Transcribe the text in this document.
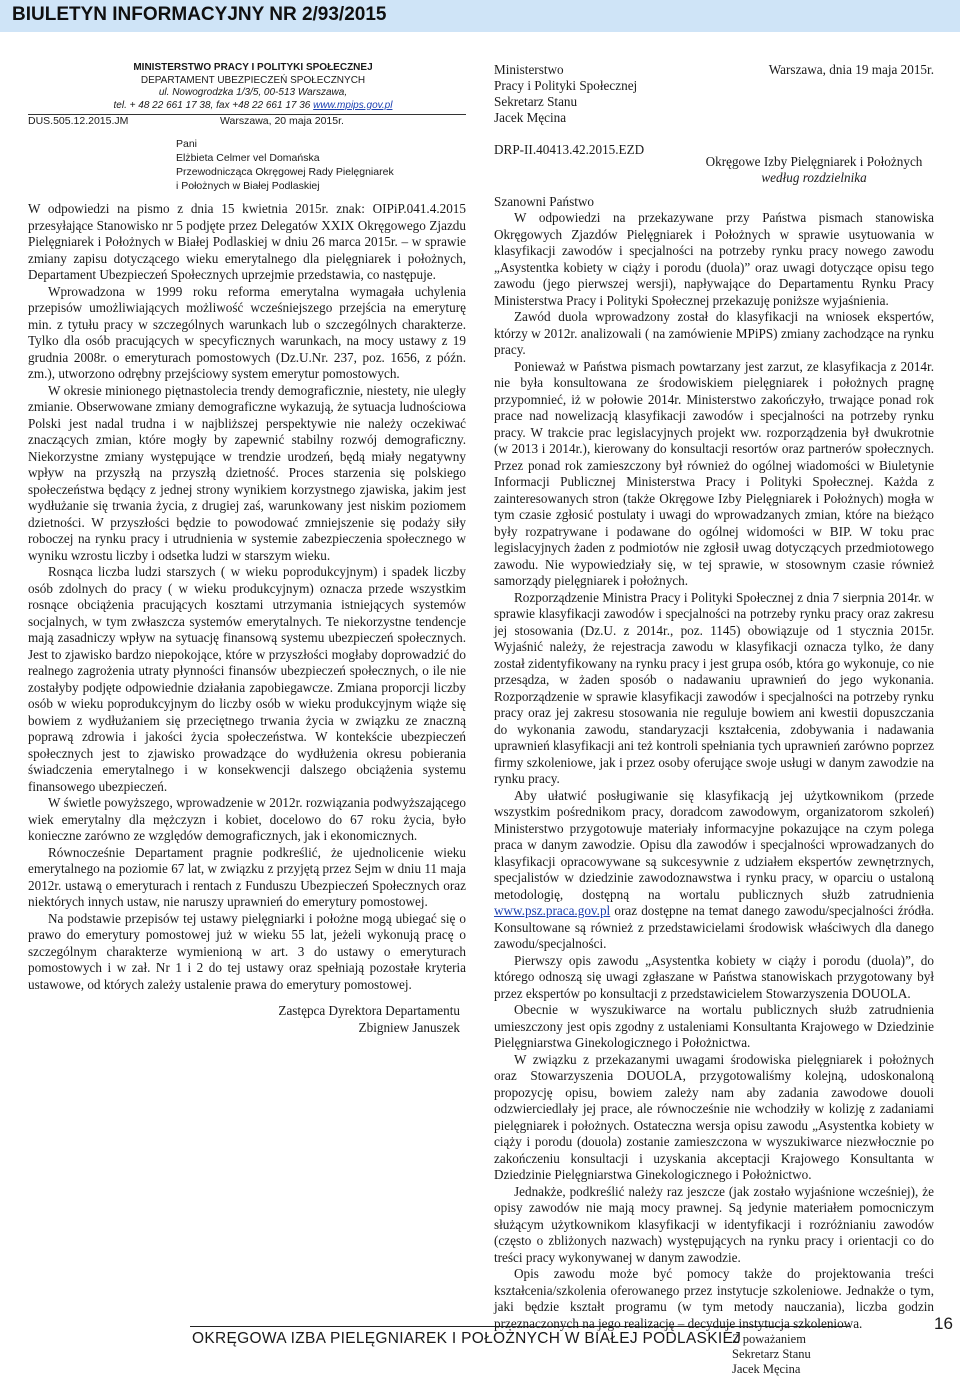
BIULETYN INFORMACYJNY NR 2/93/2015
MINISTERSTWO PRACY I POLITYKI SPOŁECZNEJ
DEPARTAMENT UBEZPIECZEŃ SPOŁECZNYCH
ul. Nowogrodzka 1/3/5, 00-513 Warszawa,
tel. + 48 22 661 17 38, fax +48 22 661 17 36 www.mpips.gov.pl
DUS.505.12.2015.JM	Warszawa, 20 maja 2015r.
Pani
Elżbieta Celmer vel Domańska
Przewodnicząca Okręgowej Rady Pielęgniarek
i Położnych w Białej Podlaskiej

W odpowiedzi na pismo z dnia 15 kwietnia 2015r. znak: OIPiP.041.4.2015 przesyłające Stanowisko nr 5 podjęte przez Delegatów XXIX Okręgowego Zjazdu Pielęgniarek i Położnych w Białej Podlaskiej w dniu 26 marca 2015r. – w sprawie zmiany zapisu dotyczącego wieku emerytalnego dla pielęgniarek i położnych, Departament Ubezpieczeń Społecznych uprzejmie przedstawia, co następuje.

Wprowadzona w 1999 roku reforma emerytalna wymagała uchylenia przepisów umożliwiających możliwość wcześniejszego przejścia na emeryturę min. z tytułu pracy w szczególnych warunkach lub o szczególnych charakterze. Tylko dla osób pracujących w specyficznych warunkach, na mocy ustawy z 19 grudnia 2008r. o emeryturach pomostowych (Dz.U.Nr. 237, poz. 1656, z późn. zm.), utworzono odrębny przejściowy system emerytur pomostowych.

W okresie minionego piętnastolecia trendy demograficznie, niestety, nie uległy zmianie. Obserwowane zmiany demograficzne wykazują, że sytuacja ludnościowa Polski jest nadal trudna i w najbliższej perspektywie nie należy oczekiwać znaczących zmian, które mogły by zapewnić stabilny rozwój demograficzny. Niekorzystne zmiany występujące w trendzie urodzeń, będą miały negatywny wpływ na przyszłą na przyszłą dzietność. Proces starzenia się polskiego społeczeństwa będący z jednej strony wynikiem korzystnego zjawiska, jakim jest wydłużanie się trwania życia, z drugiej zaś, warunkowany jest niskim poziomem dzietności. W przyszłości będzie to powodować zmniejszenie się podaży siły roboczej na rynku pracy i utrudnienia w systemie zabezpieczenia społecznego w wyniku wzrostu liczby i odsetka ludzi w starszym wieku.

Rosnąca liczba ludzi starszych ( w wieku poprodukcyjnym) i spadek liczby osób zdolnych do pracy ( w wieku produkcyjnym) oznacza przede wszystkim rosnące obciążenia pracujących kosztami utrzymania istniejących systemów socjalnych, w tym zwłaszcza systemów emerytalnych. Te niekorzystne tendencje mają zasadniczy wpływ na sytuację finansową systemu ubezpieczeń społecznych. Jest to zjawisko bardzo niepokojące, które w przyszłości mogłaby doprowadzić do realnego zagrożenia utraty płynności finansów ubezpieczeń społecznych, o ile nie zostałyby podjęte odpowiednie działania zapobiegawcze. Zmiana proporcji liczby osób w wieku poprodukcyjnym do liczby osób w wieku produkcyjnym wiąże się bowiem z wydłużaniem się przeciętnego trwania życia w związku ze znaczną poprawą zdrowia i jakości życia społeczeństwa. W kontekście ubezpieczeń społecznych jest to zjawisko prowadzące do wydłużenia okresu pobierania świadczenia emerytalnego i w konsekwencji dalszego obciążenia systemu finansowego ubezpieczeń.

W świetle powyższego, wprowadzenie w 2012r. rozwiązania podwyższającego wiek emerytalny dla mężczyzn i kobiet, docelowo do 67 roku życia, było konieczne zarówno ze względów demograficznych, jak i ekonomicznych.

Równocześnie Departament pragnie podkreślić, że ujednolicenie wieku emerytalnego na poziomie 67 lat, w związku z przyjętą przez Sejm w dniu 11 maja 2012r. ustawą o emeryturach i rentach z Funduszu Ubezpieczeń Społecznych oraz niektórych innych ustaw, nie naruszy uprawnień do emerytury pomostowej.

Na podstawie przepisów tej ustawy pielęgniarki i położne mogą ubiegać się o prawo do emerytury pomostowej już w wieku 55 lat, jeżeli wykonują pracę o szczególnym charakterze wymienioną w art. 3 do ustawy o emeryturach pomostowych i w zał. Nr 1 i 2 do tej ustawy oraz spełniają pozostałe kryteria ustawowe, od których zależy ustalenie prawa do emerytury pomostowej.

Zastępca Dyrektora Departamentu
Zbigniew Januszek
Ministerstwo
Pracy i Polityki Społecznej
Sekretarz Stanu
Jacek Męcina
Warszawa, dnia 19 maja 2015r.
DRP-II.40413.42.2015.EZD
Okręgowe Izby Pielęgniarek i Położnych
według rozdzielnika
Szanowni Państwo

W odpowiedzi na przekazywane przy Państwa pismach stanowiska Okręgowych Zjazdów Pielęgniarek i Położnych w sprawie usytuowania w klasyfikacji zawodów i specjalności na potrzeby rynku pracy nowego zawodu „Asystentka kobiety w ciąży i porodu (duola)” oraz uwagi dotyczące opisu tego zawodu (jego pierwszej wersji), napływające do Departamentu Rynku Pracy Ministerstwa Pracy i Polityki Społecznej przekazuję poniższe wyjaśnienia.

Zawód duola wprowadzony został do klasyfikacji na wniosek ekspertów, którzy w 2012r. analizowali ( na zamówienie MPiPS) zmiany zachodzące na rynku pracy.

Ponieważ w Państwa pismach powtarzany jest zarzut, ze klasyfikacja z 2014r. nie była konsultowana ze środowiskiem pielęgniarek i położnych pragnę przypomnieć, iż w połowie 2014r. Ministerstwo zakończyło, trwające ponad rok prace nad nowelizacją klasyfikacji zawodów i specjalności na potrzeby rynku pracy. W trakcie prac legislacyjnych projekt ww. rozporządzenia był dwukrotnie (w 2013 i 2014r.), kierowany do konsultacji resortów oraz partnerów społecznych. Przez ponad rok zamieszczony był również do ogólnej wiadomości w Biuletynie Informacji Publicznej Ministerstwa Pracy i Polityki Społecznej. Każda z zainteresowanych stron (także Okręgowe Izby Pielęgniarek i Położnych) mogła w tym czasie zgłosić postulaty i uwagi do wprowadzanych zmian, które na bieżąco były rozpatrywane i podawane do ogólnej widomości w BIP. W toku prac legislacyjnych żaden z podmiotów nie zgłosił uwag dotyczących przedmiotowego zawodu. Nie wypowiedziały się, w tej sprawie, w stosownym czasie również samorządy pielęgniarek i położnych.

Rozporządzenie Ministra Pracy i Polityki Społecznej z dnia 7 sierpnia 2014r. w sprawie klasyfikacji zawodów i specjalności na potrzeby rynku pracy oraz zakresu jej stosowania (Dz.U. z 2014r., poz. 1145) obowiązuje od 1 stycznia 2015r. Wyjaśnić należy, że rejestracja zawodu w klasyfikacji oznacza tylko, że dany został zidentyfikowany na rynku pracy i jest grupa osób, która go wykonuje, co nie przesądza, w żaden sposób o nadawaniu uprawnień do jego wykonania. Rozporządzenie w sprawie klasyfikacji zawodów i specjalności na potrzeby rynku pracy oraz jej zakresu stosowania nie reguluje bowiem ani kwestii dopuszczania do wykonania zawodu, standaryzacji kształcenia, zdobywania i nadawania uprawnień klasyfikacji ani też kontroli spełniania tych uprawnień zarówno poprzez firmy szkoleniowe, jak i przez osoby oferujące swoje usługi w danym zawodzie na rynku pracy.

Aby ułatwić posługiwanie się klasyfikacją jej użytkownikom (przede wszystkim pośrednikom pracy, doradcom zawodowym, organizatorom szkoleń) Ministerstwo przygotowuje materiały informacyjne pokazujące na czym polega praca w danym zawodzie. Opisu dla zawodów i specjalności wprowadzanych do klasyfikacji opracowywane są sukcesywnie z udziałem ekspertów zewnętrznych, specjalistów w dziedzinie zawodoznawstwa i rynku pracy, w oparciu o ustaloną metodologię, dostępną na wortalu publicznych służb zatrudnienia www.psz.praca.gov.pl oraz dostępne na temat danego zawodu/specjalności źródła. Konsultowane są również z przedstawicielami środowisk właściwych dla danego zawodu/specjalności.

Pierwszy opis zawodu „Asystentka kobiety w ciąży i porodu (duola)”, do którego odnoszą się uwagi zgłaszane w Państwa stanowiskach przygotowany był przez ekspertów po konsultacji z przedstawicielem Stowarzyszenia DOUOLA.

Obecnie w wyszukiwarce na wortalu publicznych służb zatrudnienia umieszczony jest opis zgodny z ustaleniami Konsultanta Krajowego w Dziedzinie Pielęgniarstwa Ginekologicznego i Położnictwa.

W związku z przekazanymi uwagami środowiska pielęgniarek i położnych oraz Stowarzyszenia DOUOLA, przygotowaliśmy kolejną, udoskonaloną propozycję opisu, bowiem zależy nam aby zadania zawodowe douoli odzwierciedlały jej prace, ale równocześnie nie wchodziły w kolizję z zadaniami pielęgniarek i położnych. Ostateczna wersja opisu zawodu „Asystentka kobiety w ciąży i porodu (douola) zostanie zamieszczona w wyszukiwarce niezwłocznie po zakończeniu konsultacji i uzyskania akceptacji Krajowego Konsultanta w Dziedzinie Pielęgniarstwa Ginekologicznego i Położnictwo.

Jednakże, podkreślić należy raz jeszcze (jak zostało wyjaśnione wcześniej), że opisy zawodów nie mają mocy prawnej. Są jedynie materiałem pomocniczym służącym użytkownikom klasyfikacji w identyfikacji i rozróżnianiu zawodów (często o zbliżonych nazwach) występujących na rynku pracy i orientacji co do treści pracy wykonywanej w danym zawodzie.

Opis zawodu może być pomocy także do projektowania treści kształcenia/szkolenia oferowanego przez instytucje szkoleniowe. Jednakże o tym, jaki będzie kształt programu (w tym metody nauczania), liczba godzin przeznaczonych na jego realizację – decyduje instytucja szkoleniowa.

Z poważaniem
Sekretarz Stanu
Jacek Męcina
OKRĘGOWA IZBA PIELĘGNIAREK I POŁOŻNYCH W BIAŁEJ PODLASKIEJ
16
